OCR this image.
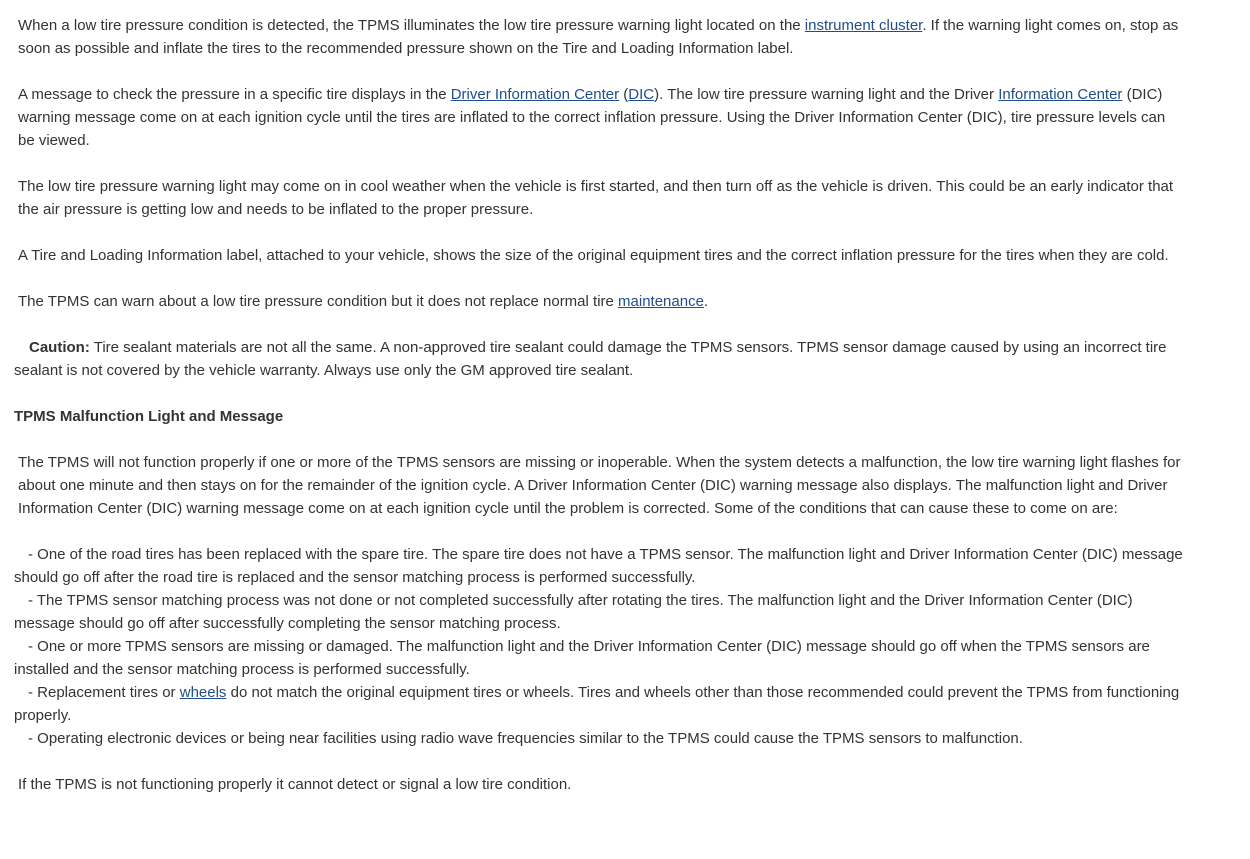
When a low tire pressure condition is detected, the TPMS illuminates the low tire pressure warning light located on the instrument cluster. If the warning light comes on, stop as soon as possible and inflate the tires to the recommended pressure shown on the Tire and Loading Information label.

A message to check the pressure in a specific tire displays in the Driver Information Center (DIC). The low tire pressure warning light and the Driver Information Center (DIC) warning message come on at each ignition cycle until the tires are inflated to the correct inflation pressure. Using the Driver Information Center (DIC), tire pressure levels can be viewed.

The low tire pressure warning light may come on in cool weather when the vehicle is first started, and then turn off as the vehicle is driven. This could be an early indicator that the air pressure is getting low and needs to be inflated to the proper pressure.

A Tire and Loading Information label, attached to your vehicle, shows the size of the original equipment tires and the correct inflation pressure for the tires when they are cold.

The TPMS can warn about a low tire pressure condition but it does not replace normal tire maintenance.

Caution: Tire sealant materials are not all the same. A non-approved tire sealant could damage the TPMS sensors. TPMS sensor damage caused by using an incorrect tire sealant is not covered by the vehicle warranty. Always use only the GM approved tire sealant.

TPMS Malfunction Light and Message

The TPMS will not function properly if one or more of the TPMS sensors are missing or inoperable. When the system detects a malfunction, the low tire warning light flashes for about one minute and then stays on for the remainder of the ignition cycle. A Driver Information Center (DIC) warning message also displays. The malfunction light and Driver Information Center (DIC) warning message come on at each ignition cycle until the problem is corrected. Some of the conditions that can cause these to come on are:

- One of the road tires has been replaced with the spare tire. The spare tire does not have a TPMS sensor. The malfunction light and Driver Information Center (DIC) message should go off after the road tire is replaced and the sensor matching process is performed successfully.

- The TPMS sensor matching process was not done or not completed successfully after rotating the tires. The malfunction light and the Driver Information Center (DIC) message should go off after successfully completing the sensor matching process.

- One or more TPMS sensors are missing or damaged. The malfunction light and the Driver Information Center (DIC) message should go off when the TPMS sensors are installed and the sensor matching process is performed successfully.

- Replacement tires or wheels do not match the original equipment tires or wheels. Tires and wheels other than those recommended could prevent the TPMS from functioning properly.

- Operating electronic devices or being near facilities using radio wave frequencies similar to the TPMS could cause the TPMS sensors to malfunction.

If the TPMS is not functioning properly it cannot detect or signal a low tire condition.
